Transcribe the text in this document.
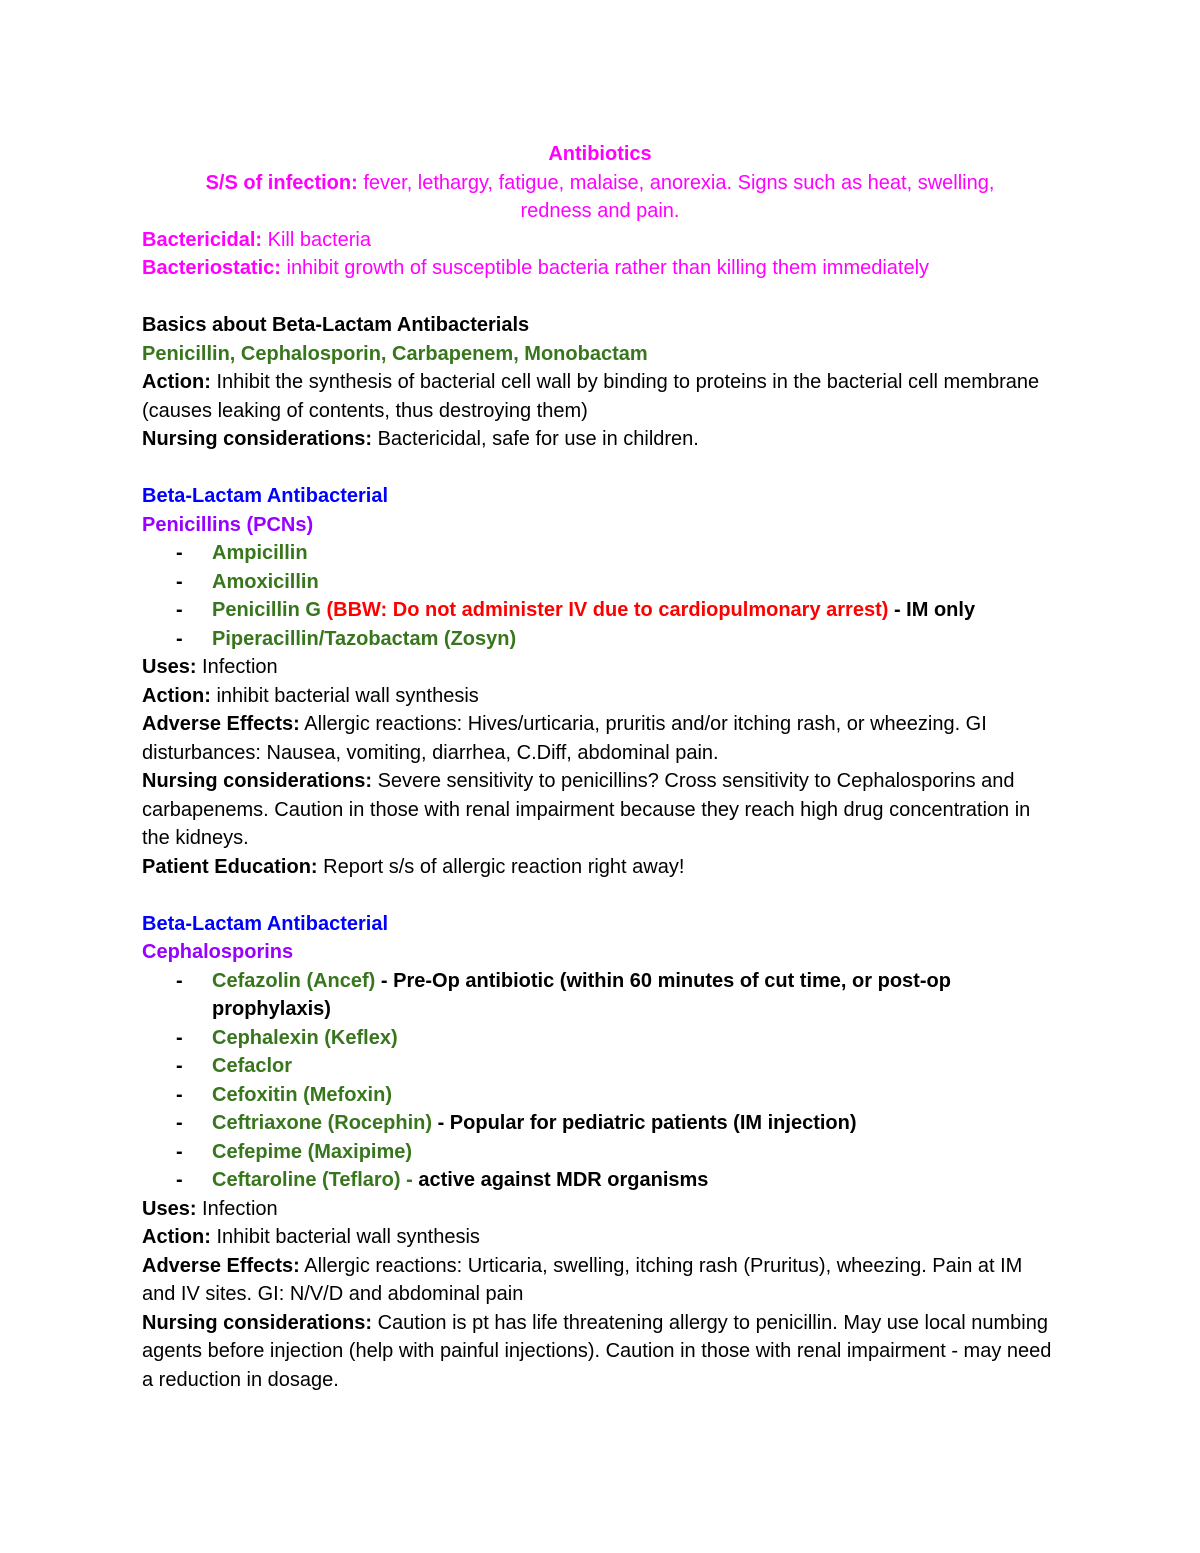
Antibiotics
S/S of infection: fever, lethargy, fatigue, malaise, anorexia. Signs such as heat, swelling,
redness and pain.
Bactericidal: Kill bacteria
Bacteriostatic: inhibit growth of susceptible bacteria rather than killing them immediately
Basics about Beta-Lactam Antibacterials
Penicillin, Cephalosporin, Carbapenem, Monobactam
Action: Inhibit the synthesis of bacterial cell wall by binding to proteins in the bacterial cell membrane (causes leaking of contents, thus destroying them)
Nursing considerations: Bactericidal, safe for use in children.
Beta-Lactam Antibacterial
Penicillins (PCNs)
- Ampicillin
- Amoxicillin
- Penicillin G (BBW: Do not administer IV due to cardiopulmonary arrest) - IM only
- Piperacillin/Tazobactam (Zosyn)
Uses: Infection
Action: inhibit bacterial wall synthesis
Adverse Effects: Allergic reactions: Hives/urticaria, pruritis and/or itching rash, or wheezing. GI disturbances: Nausea, vomiting, diarrhea, C.Diff, abdominal pain.
Nursing considerations: Severe sensitivity to penicillins? Cross sensitivity to Cephalosporins and carbapenems. Caution in those with renal impairment because they reach high drug concentration in the kidneys.
Patient Education: Report s/s of allergic reaction right away!
Beta-Lactam Antibacterial
Cephalosporins
- Cefazolin (Ancef) - Pre-Op antibiotic (within 60 minutes of cut time, or post-op prophylaxis)
- Cephalexin (Keflex)
- Cefaclor
- Cefoxitin (Mefoxin)
- Ceftriaxone (Rocephin) - Popular for pediatric patients (IM injection)
- Cefepime (Maxipime)
- Ceftaroline (Teflaro) - active against MDR organisms
Uses: Infection
Action: Inhibit bacterial wall synthesis
Adverse Effects: Allergic reactions: Urticaria, swelling, itching rash (Pruritus), wheezing. Pain at IM and IV sites. GI: N/V/D and abdominal pain
Nursing considerations: Caution is pt has life threatening allergy to penicillin. May use local numbing agents before injection (help with painful injections). Caution in those with renal impairment - may need a reduction in dosage.
